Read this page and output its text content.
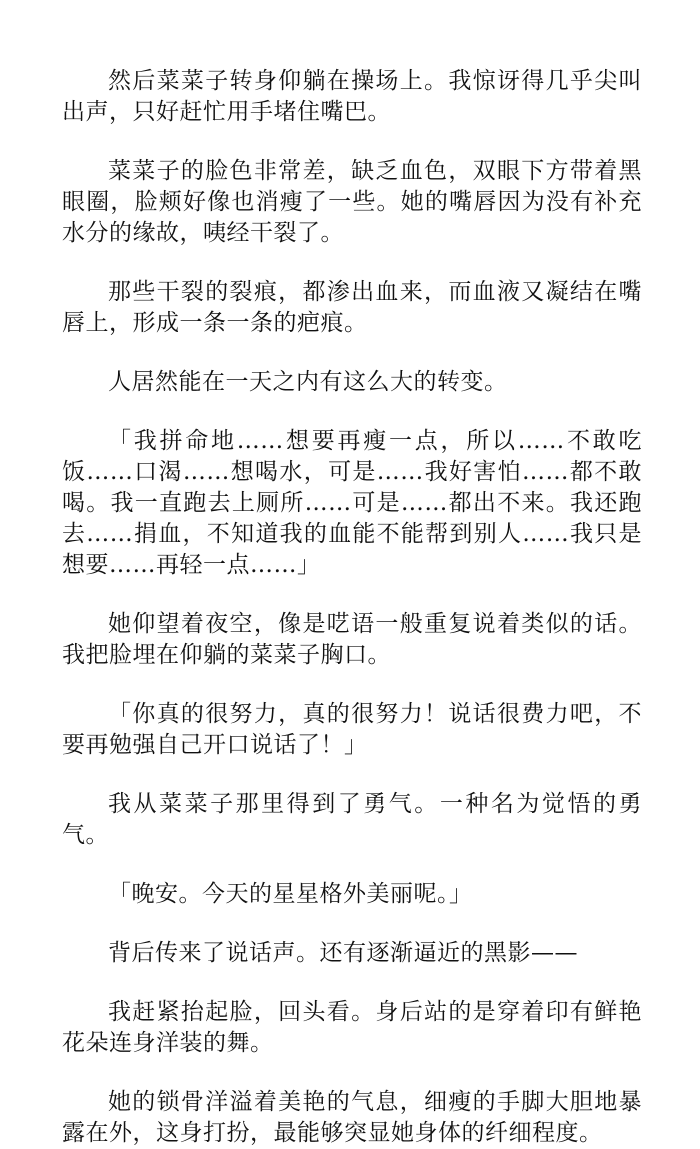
然后菜菜子转身仰躺在操场上。我惊讶得几乎尖叫出声，只好赶忙用手堵住嘴巴。

菜菜子的脸色非常差，缺乏血色，双眼下方带着黑眼圈，脸颊好像也消瘦了一些。她的嘴唇因为没有补充水分的缘故，咦经干裂了。

那些干裂的裂痕，都渗出血来，而血液又凝结在嘴唇上，形成一条一条的疤痕。

人居然能在一天之内有这么大的转变。

「我拼命地……想要再瘦一点，所以……不敢吃饭……口渴……想喝水，可是……我好害怕……都不敢喝。我一直跑去上厕所……可是……都出不来。我还跑去……捐血，不知道我的血能不能帮到别人……我只是想要……再轻一点……」

她仰望着夜空，像是呓语一般重复说着类似的话。我把脸埋在仰躺的菜菜子胸口。

「你真的很努力，真的很努力！说话很费力吧，不要再勉强自己开口说话了！」

我从菜菜子那里得到了勇气。一种名为觉悟的勇气。

「晚安。今天的星星格外美丽呢。」

背后传来了说话声。还有逐渐逼近的黑影——

我赶紧抬起脸，回头看。身后站的是穿着印有鲜艳花朵连身洋装的舞。

她的锁骨洋溢着美艳的气息，细瘦的手脚大胆地暴露在外，这身打扮，最能够突显她身体的纤细程度。
